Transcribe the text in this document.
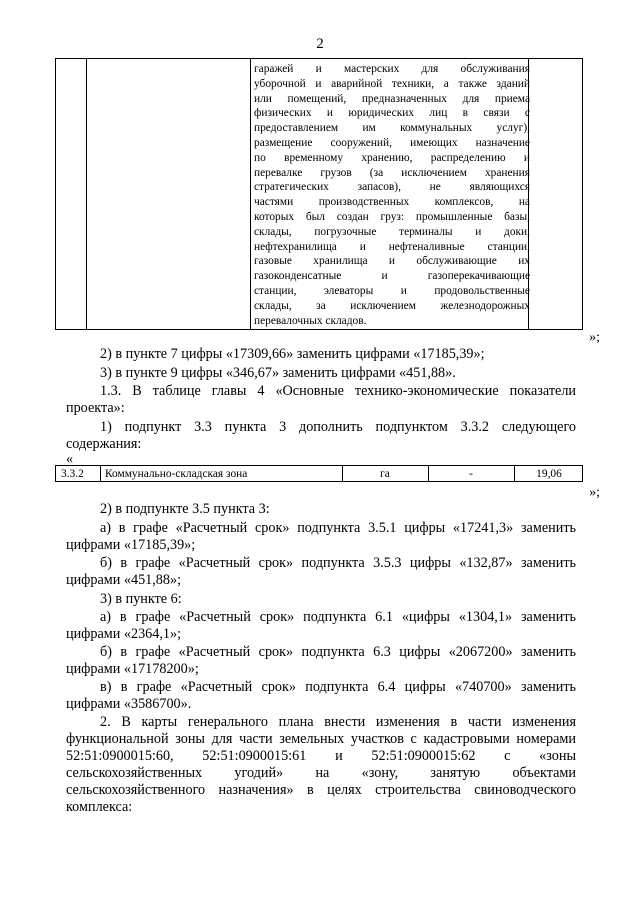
2
гаражей и мастерских для обслуживания
уборочной и аварийной техники, а также зданий
или помещений, предназначенных для приема
физических и юридических лиц в связи с
предоставлением им коммунальных услуг),
размещение сооружений, имеющих назначение
по временному хранению, распределению и
перевалке грузов (за исключением хранения
стратегических запасов), не являющихся
частями производственных комплексов, на
которых был создан груз: промышленные базы,
склады, погрузочные терминалы и доки,
нефтехранилища и нефтеналивные станции,
газовые хранилища и обслуживающие их
газоконденсатные и газоперекачивающие
станции, элеваторы и продовольственные
склады, за исключением железнодорожных
перевалочных складов.
»;
2) в пункте 7 цифры «17309,66» заменить цифрами «17185,39»;
3) в пункте 9 цифры «346,67» заменить цифрами «451,88».
1.3. В таблице главы 4 «Основные технико-экономические показатели
проекта»:
1) подпункт 3.3 пункта 3 дополнить подпунктом 3.3.2 следующего
содержания:
«
3.3.2 Коммунально-складская зона	га	-	19,06
»;
2) в подпункте 3.5 пункта 3:
а) в графе «Расчетный срок» подпункта 3.5.1 цифры «17241,3» заменить
цифрами «17185,39»;
б) в графе «Расчетный срок» подпункта 3.5.3 цифры «132,87» заменить
цифрами «451,88»;
3) в пункте 6:
а) в графе «Расчетный срок» подпункта 6.1 «цифры «1304,1» заменить
цифрами «2364,1»;
б) в графе «Расчетный срок» подпункта 6.3 цифры «2067200» заменить
цифрами «17178200»;
в) в графе «Расчетный срок» подпункта 6.4 цифры «740700» заменить
цифрами «3586700».
2. В карты генерального плана внести изменения в части изменения
функциональной зоны для части земельных участков с кадастровыми номерами
52:51:0900015:60,  52:51:0900015:61  и  52:51:0900015:62  с  «зоны
сельскохозяйственных   угодий»   на   «зону,   занятую   объектами
сельскохозяйственного назначения» в целях строительства свиноводческого
комплекса:
